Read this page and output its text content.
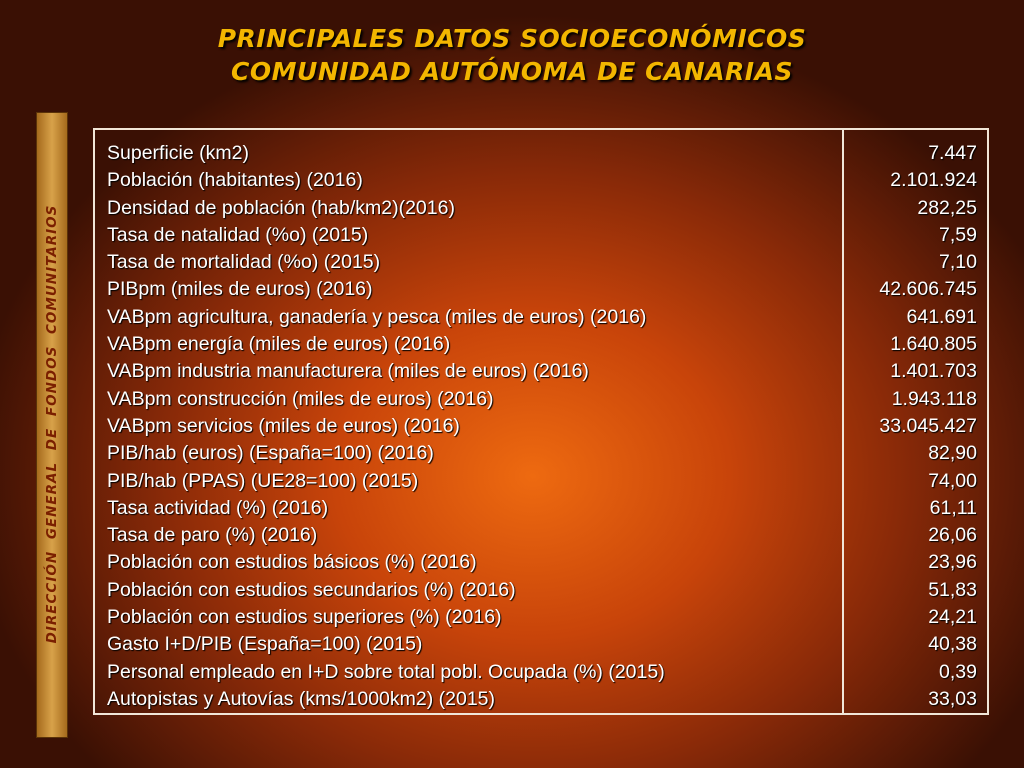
PRINCIPALES DATOS SOCIOECONÓMICOS
COMUNIDAD AUTÓNOMA DE CANARIAS
DIRECCIÓN GENERAL DE FONDOS COMUNITARIOS
Superficie (km2)
Población (habitantes) (2016)
Densidad de población (hab/km2)(2016)
Tasa de natalidad (%o) (2015)
Tasa de mortalidad (%o) (2015)
PIBpm (miles de euros) (2016)
VABpm agricultura, ganadería y pesca (miles de euros) (2016)
VABpm energía (miles de euros) (2016)
VABpm industria manufacturera (miles de euros) (2016)
VABpm construcción (miles de euros) (2016)
VABpm servicios (miles de euros) (2016)
PIB/hab (euros) (España=100) (2016)
PIB/hab (PPAS) (UE28=100) (2015)
Tasa actividad (%) (2016)
Tasa de paro (%) (2016)
Población con estudios básicos (%) (2016)
Población con estudios secundarios (%) (2016)
Población con estudios superiores (%) (2016)
Gasto I+D/PIB (España=100) (2015)
Personal empleado en I+D sobre total pobl. Ocupada (%) (2015)
Autopistas y Autovías (kms/1000km2) (2015)
7.447
2.101.924
282,25
7,59
7,10
42.606.745
641.691
1.640.805
1.401.703
1.943.118
33.045.427
82,90
74,00
61,11
26,06
23,96
51,83
24,21
40,38
0,39
33,03
